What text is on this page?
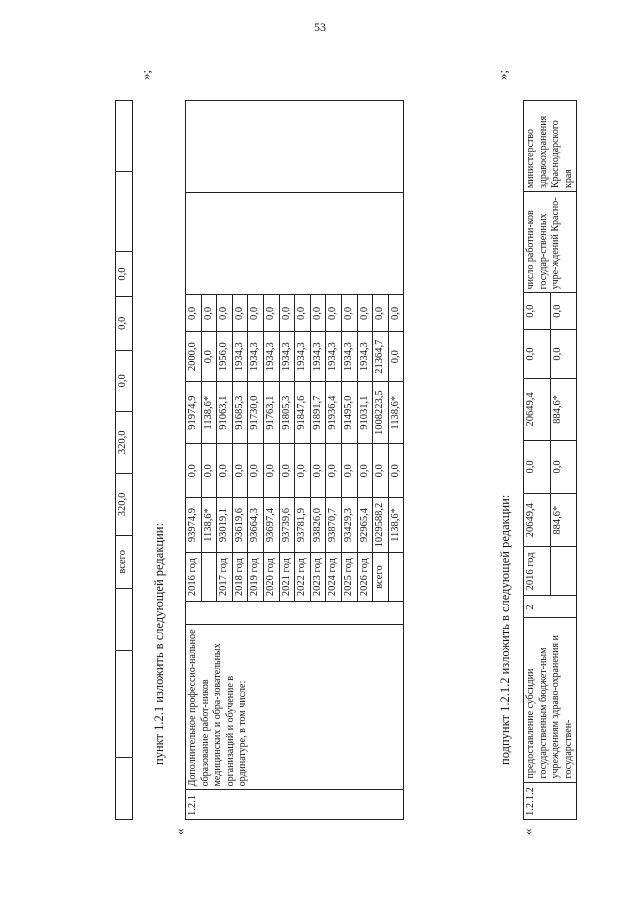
53
			всего	320,0	320,0	0,0	0,0	0,0		
»;
пункт 1.2.1 изложить в следующей редакции:
«
1.2.1	Дополнительное профессио-нальное образование работ-ников медицинских и обра-зовательных организаций и обучение в ординатуре, в том числе:		2016 год	93974,9	0,0	91974,9	2000,0	0,0		
				1138,6*	0,0	1138,6*	0,0	0,0		
			2017 год	93019,1	0,0	91063,1	1956,0	0,0		
			2018 год	93619,6	0,0	91685,3	1934,3	0,0		
			2019 год	93664,3	0,0	91730,0	1934,3	0,0		
			2020 год	93697,4	0,0	91763,1	1934,3	0,0		
			2021 год	93739,6	0,0	91805,3	1934,3	0,0		
			2022 год	93781,9	0,0	91847,6	1934,3	0,0		
			2023 год	93826,0	0,0	91891,7	1934,3	0,0		
			2024 год	93870,7	0,0	91936,4	1934,3	0,0		
			2025 год	93429,3	0,0	91495,0	1934,3	0,0		
			2026 год	92965,4	0,0	91031,1	1934,3	0,0		
			всего	1029588,2	0,0	1008223,5	21364,7	0,0		
				1138,6*	0,0	1138,6*	0,0	0,0		
»;
подпункт 1.2.1.2 изложить в следующей редакции:
«
1.2.1.2	предоставление субсидии государственным бюджет-ным учреждениям здраво-охранения и государствен-	2	2016 год	20649,4	0,0	20649,4	0,0	0,0	число работни-ков государ-ственных учре-ждений Красно-	министерство здравоохранения Краснодарского края
				884,6*	0,0	884,6*	0,0	0,0		
